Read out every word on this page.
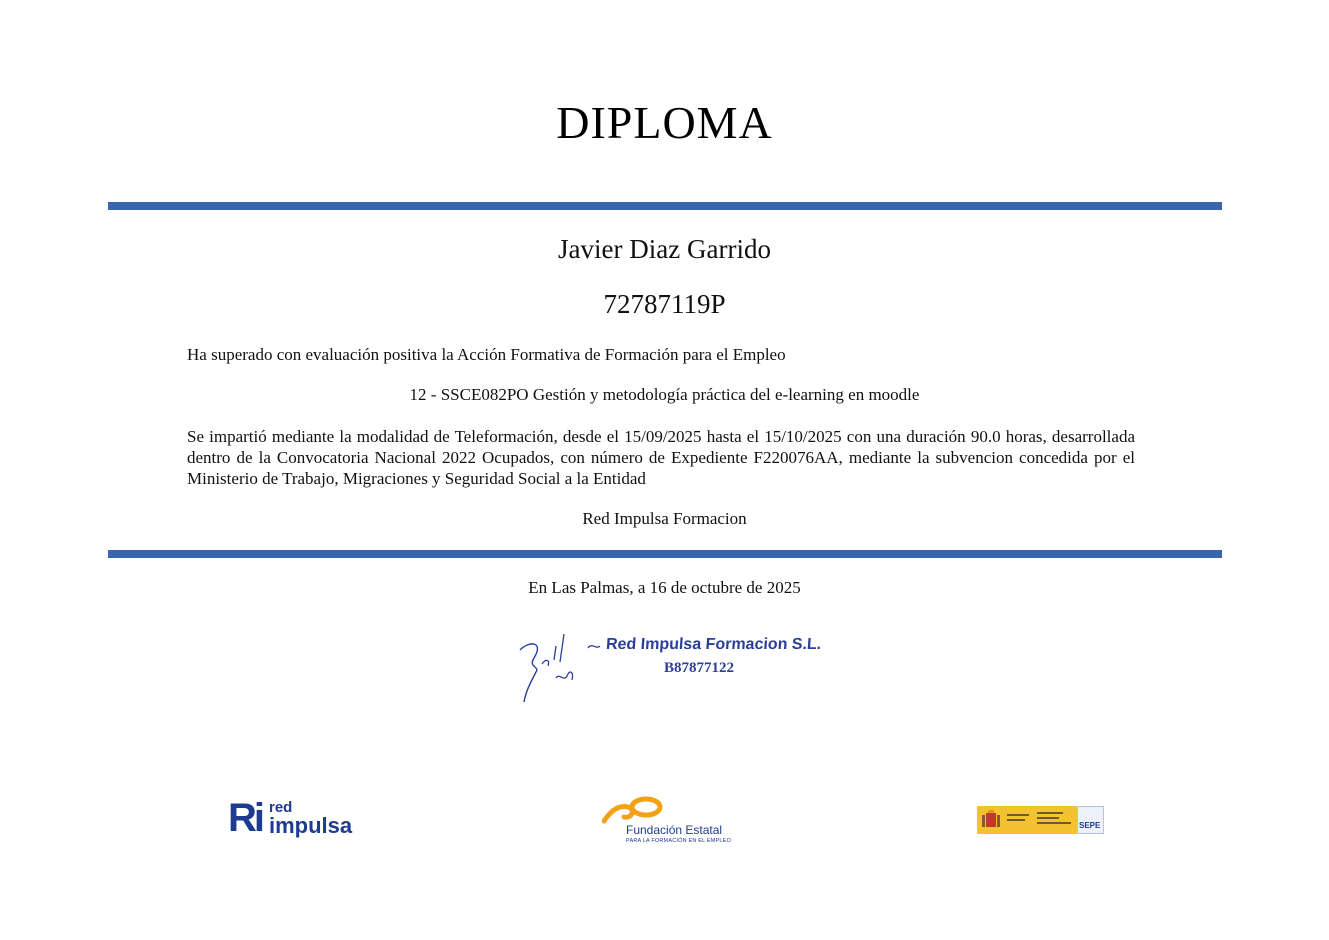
DIPLOMA
Javier Diaz Garrido
72787119P
Ha superado con evaluación positiva la Acción Formativa de Formación para el Empleo
12 - SSCE082PO Gestión y metodología práctica del e-learning en moodle
Se impartió mediante la modalidad de Teleformación, desde el 15/09/2025 hasta el 15/10/2025 con una duración 90.0 horas, desarrollada dentro de la Convocatoria Nacional 2022 Ocupados, con número de Expediente F220076AA, mediante la subvencion concedida por el Ministerio de Trabajo, Migraciones y Seguridad Social a la Entidad
Red Impulsa Formacion
En Las Palmas, a 16 de octubre de 2025
Red Impulsa Formacion S.L.
B87877122
Ri red
impulsa	Fundación Estatal
PARA LA FORMACIÓN EN EL EMPLEO
SEPE
